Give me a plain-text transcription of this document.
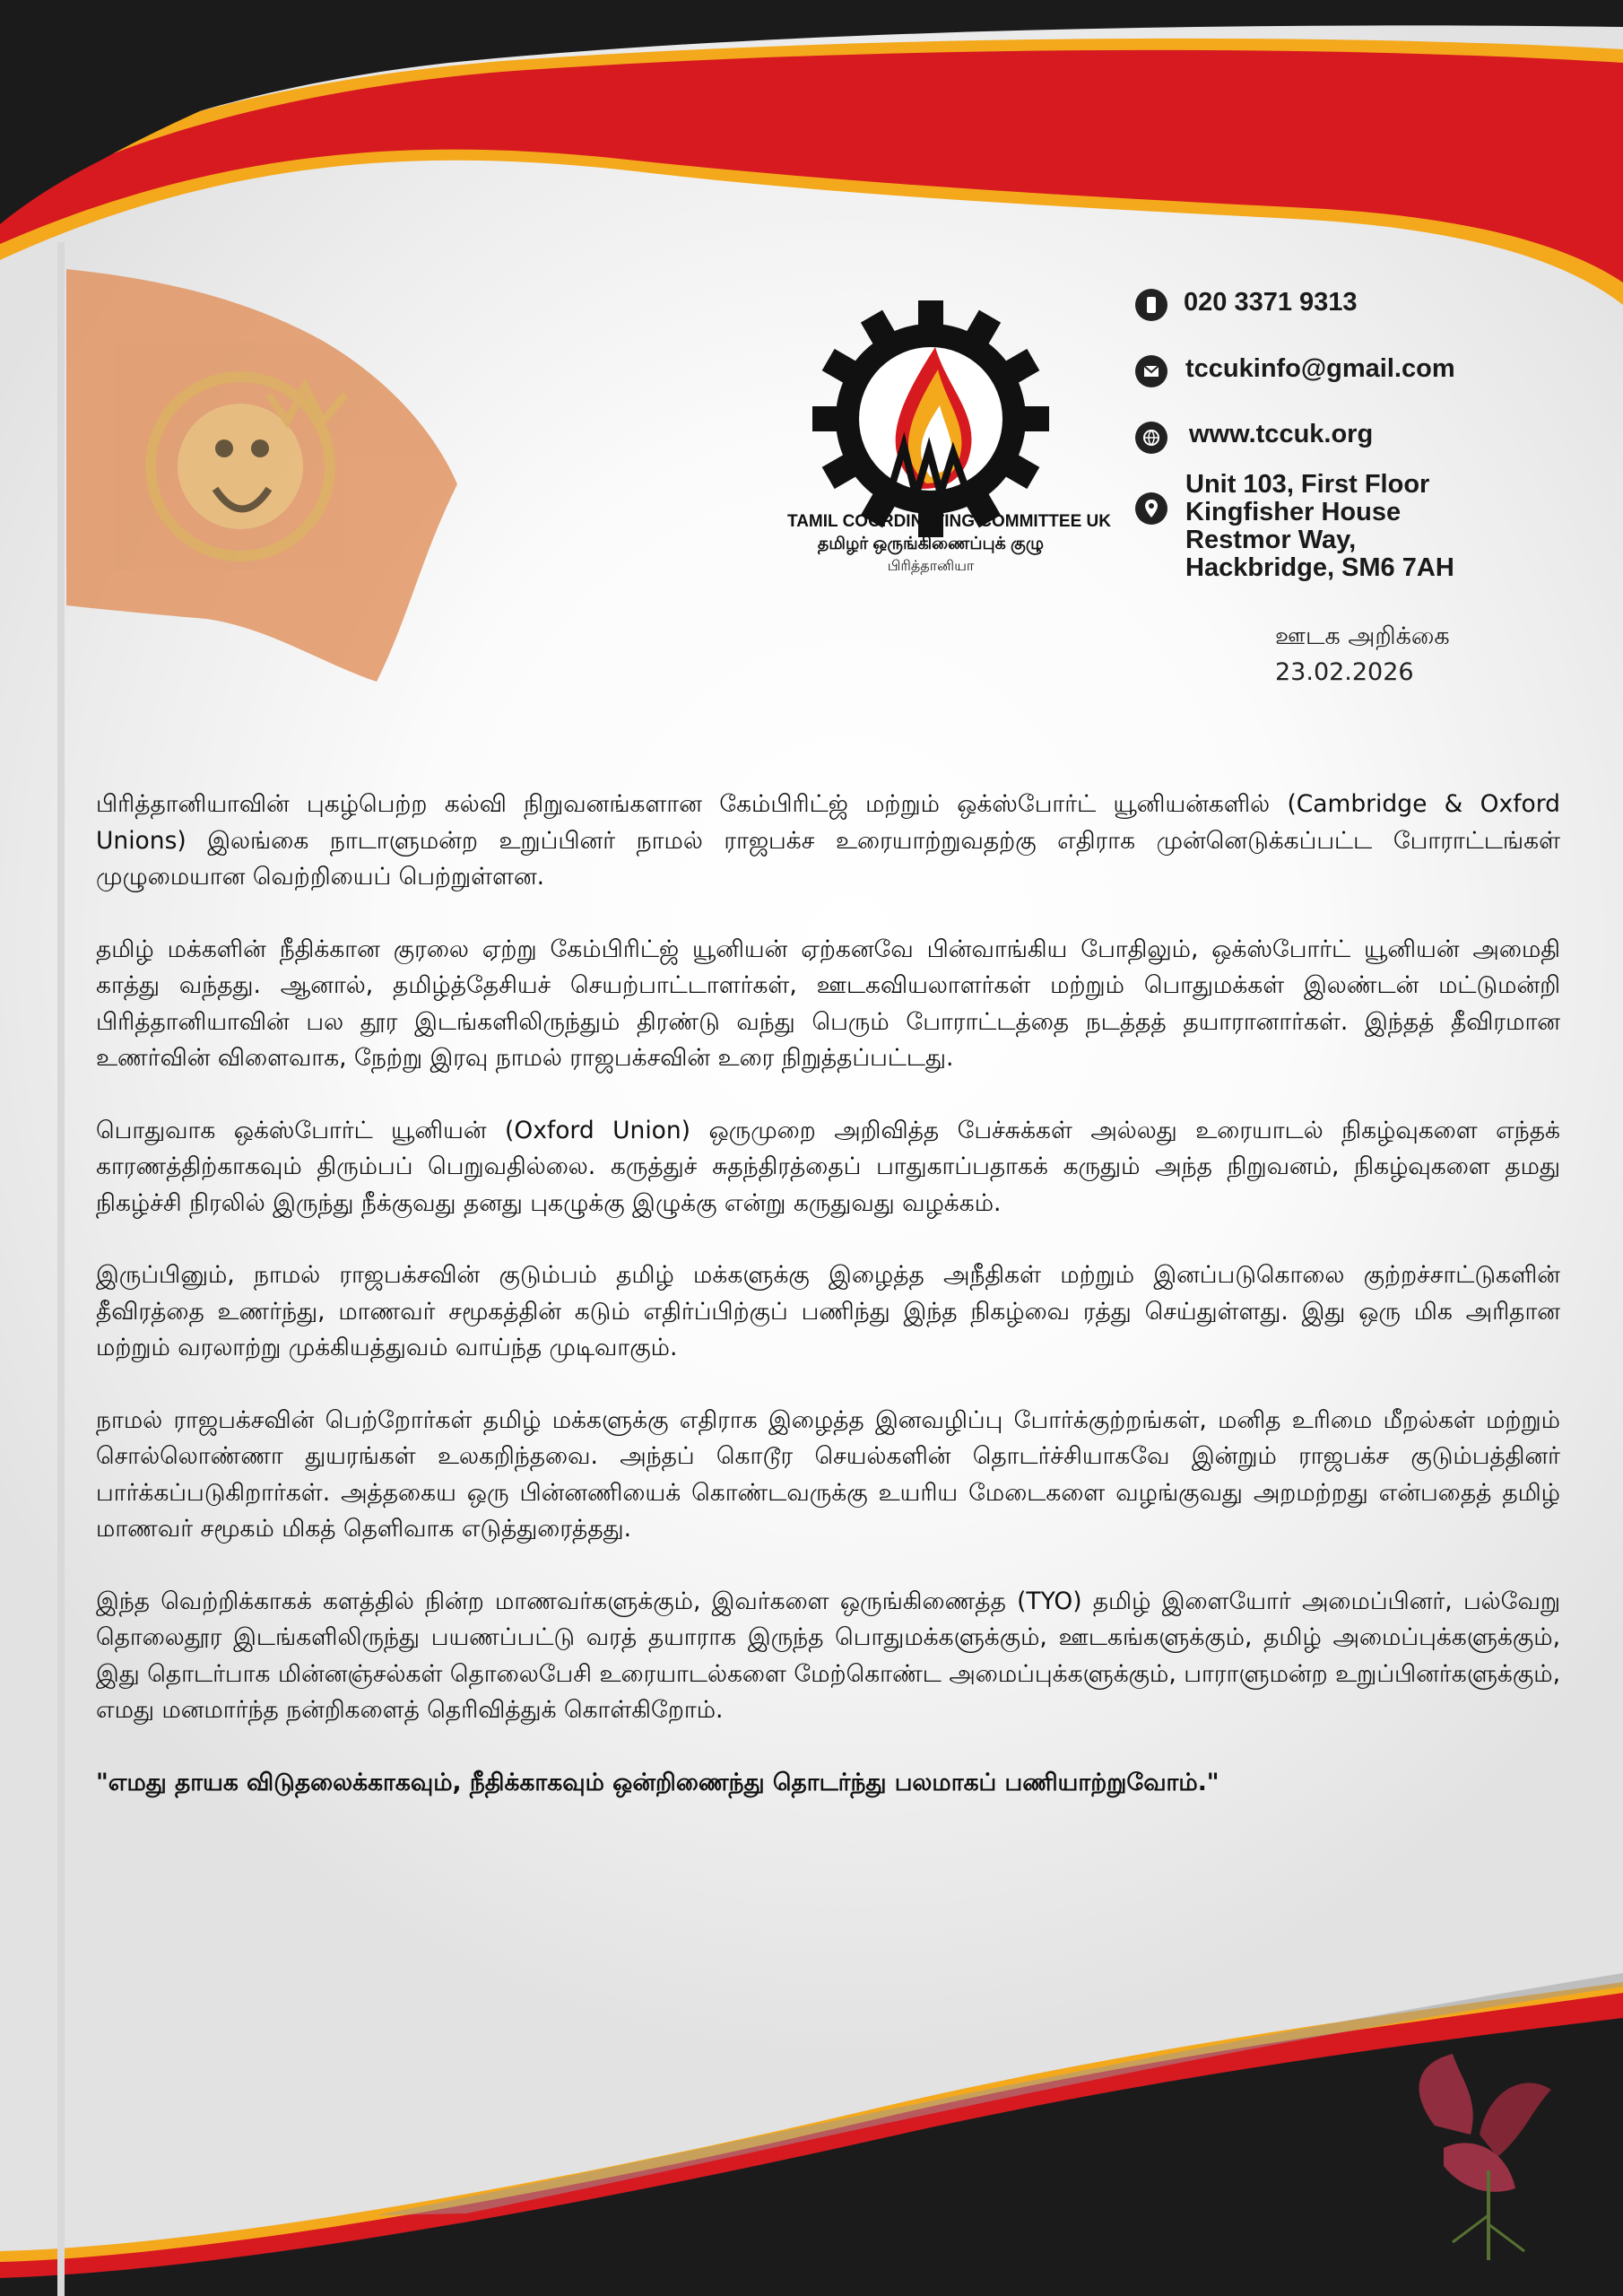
TAMIL COORDINATING COMMITTEE UK
தமிழர் ஒருங்கிணைப்புக் குழு
பிரித்தானியா
020 3371 9313
tccukinfo@gmail.com
www.tccuk.org
Unit 103, First Floor
Kingfisher House
Restmor Way,
Hackbridge, SM6 7AH
ஊடக அறிக்கை
23.02.2026

பிரித்தானியாவின் புகழ்பெற்ற கல்வி நிறுவனங்களான கேம்பிரிட்ஜ் மற்றும் ஒக்ஸ்போர்ட் யூனியன்களில் (Cambridge & Oxford Unions) இலங்கை நாடாளுமன்ற உறுப்பினர் நாமல் ராஜபக்ச உரையாற்றுவதற்கு எதிராக முன்னெடுக்கப்பட்ட போராட்டங்கள் முழுமையான வெற்றியைப் பெற்றுள்ளன.

தமிழ் மக்களின் நீதிக்கான குரலை ஏற்று கேம்பிரிட்ஜ் யூனியன் ஏற்கனவே பின்வாங்கிய போதிலும், ஒக்ஸ்போர்ட் யூனியன் அமைதி காத்து வந்தது. ஆனால், தமிழ்த்தேசியச் செயற்பாட்டாளர்கள், ஊடகவியலாளர்கள் மற்றும் பொதுமக்கள் இலண்டன் மட்டுமன்றி பிரித்தானியாவின் பல தூர இடங்களிலிருந்தும் திரண்டு வந்து பெரும் போராட்டத்தை நடத்தத் தயாரானார்கள். இந்தத் தீவிரமான உணர்வின் விளைவாக, நேற்று இரவு நாமல் ராஜபக்சவின் உரை நிறுத்தப்பட்டது.

பொதுவாக ஒக்ஸ்போர்ட் யூனியன் (Oxford Union) ஒருமுறை அறிவித்த பேச்சுக்கள் அல்லது உரையாடல் நிகழ்வுகளை எந்தக் காரணத்திற்காகவும் திரும்பப் பெறுவதில்லை. கருத்துச் சுதந்திரத்தைப் பாதுகாப்பதாகக் கருதும் அந்த நிறுவனம், நிகழ்வுகளை தமது நிகழ்ச்சி நிரலில் இருந்து நீக்குவது தனது புகழுக்கு இழுக்கு என்று கருதுவது வழக்கம்.

இருப்பினும், நாமல் ராஜபக்சவின் குடும்பம் தமிழ் மக்களுக்கு இழைத்த அநீதிகள் மற்றும் இனப்படுகொலை குற்றச்சாட்டுகளின் தீவிரத்தை உணர்ந்து, மாணவர் சமூகத்தின் கடும் எதிர்ப்பிற்குப் பணிந்து இந்த நிகழ்வை ரத்து செய்துள்ளது. இது ஒரு மிக அரிதான மற்றும் வரலாற்று முக்கியத்துவம் வாய்ந்த முடிவாகும்.

நாமல் ராஜபக்சவின் பெற்றோர்கள் தமிழ் மக்களுக்கு எதிராக இழைத்த இனவழிப்பு போர்க்குற்றங்கள், மனித உரிமை மீறல்கள் மற்றும் சொல்லொண்ணா துயரங்கள் உலகறிந்தவை. அந்தப் கொடூர செயல்களின் தொடர்ச்சியாகவே இன்றும் ராஜபக்ச குடும்பத்தினர் பார்க்கப்படுகிறார்கள். அத்தகைய ஒரு பின்னணியைக் கொண்டவருக்கு உயரிய மேடைகளை வழங்குவது அறமற்றது என்பதைத் தமிழ் மாணவர் சமூகம் மிகத் தெளிவாக எடுத்துரைத்தது.

இந்த வெற்றிக்காகக் களத்தில் நின்ற மாணவர்களுக்கும், இவர்களை ஒருங்கிணைத்த (TYO) தமிழ் இளையோர் அமைப்பினர், பல்வேறு தொலைதூர இடங்களிலிருந்து பயணப்பட்டு வரத் தயாராக இருந்த பொதுமக்களுக்கும், ஊடகங்களுக்கும், தமிழ் அமைப்புக்களுக்கும், இது தொடர்பாக மின்னஞ்சல்கள் தொலைபேசி உரையாடல்களை மேற்கொண்ட அமைப்புக்களுக்கும், பாராளுமன்ற உறுப்பினர்களுக்கும், எமது மனமார்ந்த நன்றிகளைத் தெரிவித்துக் கொள்கிறோம்.

"எமது தாயக விடுதலைக்காகவும், நீதிக்காகவும் ஒன்றிணைந்து தொடர்ந்து பலமாகப் பணியாற்றுவோம்."
